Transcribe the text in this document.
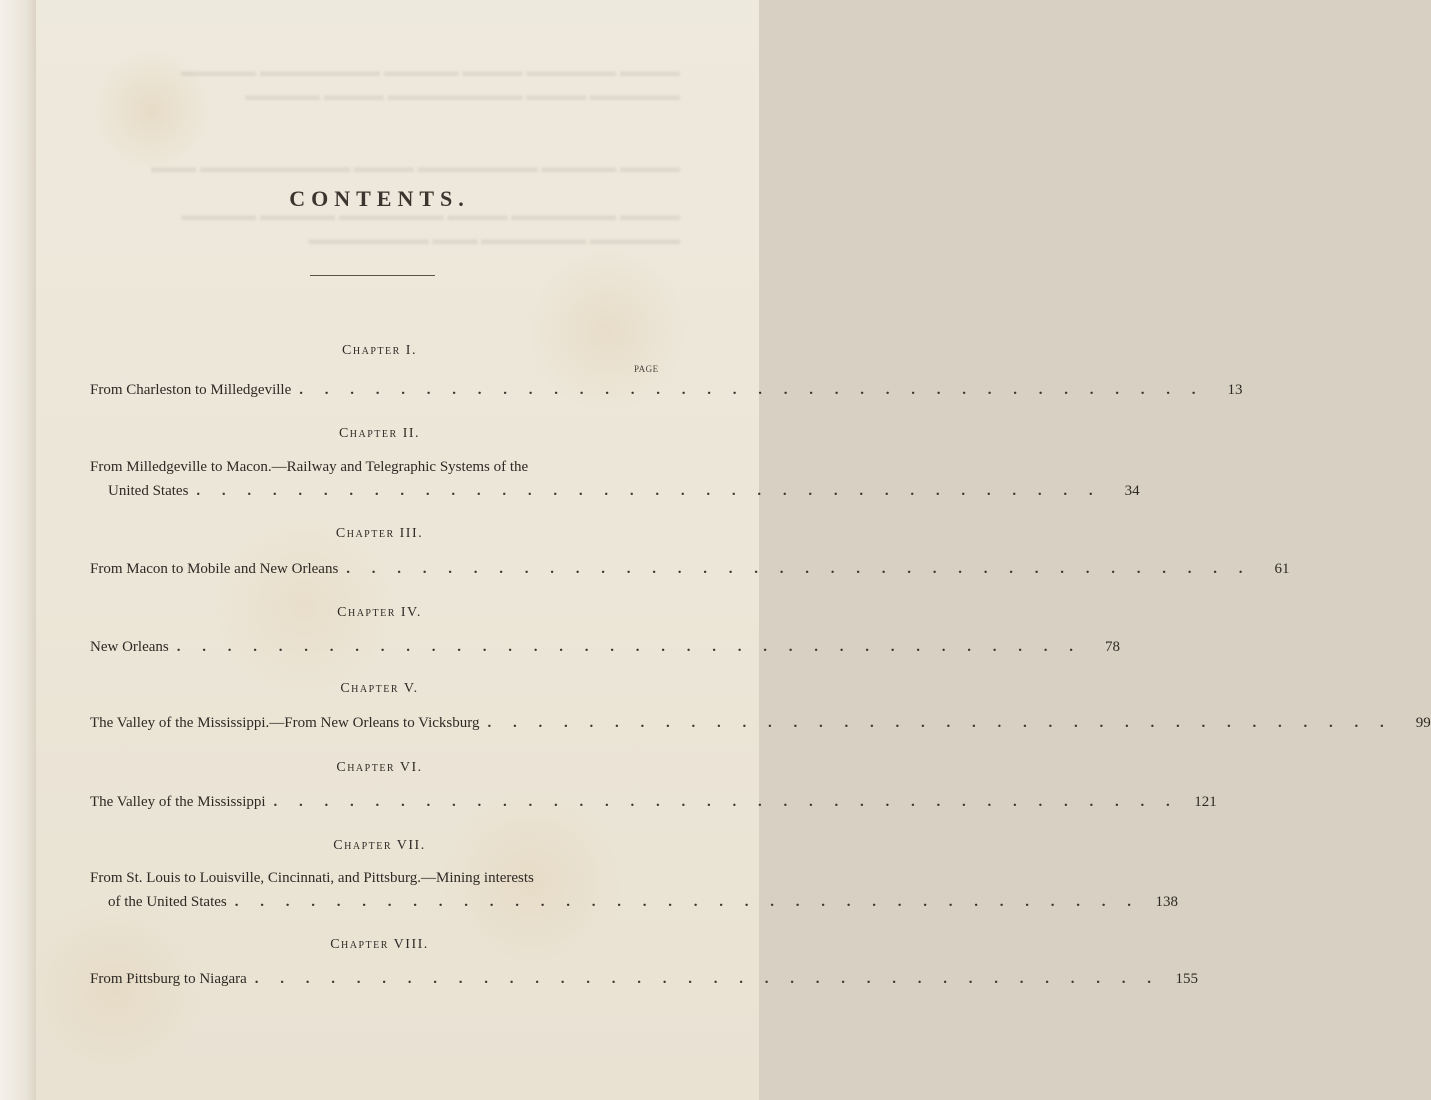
▬▬▬▬ ▬▬▬▬▬▬ ▬▬▬▬ ▬▬▬▬▬ ▬▬▬▬▬▬▬▬ ▬▬▬▬▬
▬▬▬▬▬▬ ▬▬▬▬ ▬▬▬▬▬▬▬▬▬ ▬▬▬▬ ▬▬▬▬▬

▬▬▬▬ ▬▬▬▬▬ ▬▬▬▬▬▬▬▬ ▬▬▬▬ ▬▬▬▬▬▬▬▬▬▬ ▬▬▬

▬▬▬▬ ▬▬▬▬▬▬▬ ▬▬▬▬ ▬▬▬▬▬▬▬ ▬▬▬▬▬ ▬▬▬▬▬
▬▬▬▬▬▬ ▬▬▬▬▬▬▬ ▬▬▬ ▬▬▬▬▬▬▬▬
CONTENTS.
PAGE
Chapter I.
From Charleston to Milledgeville . . . . . . . . . . . . . . . . . . . . . . . . . . . . . . . . . . . .	13
Chapter II.
From Milledgeville to Macon.—Railway and Telegraphic Systems of the
United States . . . . . . . . . . . . . . . . . . . . . . . . . . . . . . . . . . . .	34
Chapter III.
From Macon to Mobile and New Orleans . . . . . . . . . . . . . . . . . . . . . . . . . . . . . . . . . . . .	61
Chapter IV.
New Orleans . . . . . . . . . . . . . . . . . . . . . . . . . . . . . . . . . . . .	78
Chapter V.
The Valley of the Mississippi.—From New Orleans to Vicksburg . . . . . . . . . . . . . . . . . . . . . . . . . . . . . . . . . . . .	99
Chapter VI.
The Valley of the Mississippi . . . . . . . . . . . . . . . . . . . . . . . . . . . . . . . . . . . .	121
Chapter VII.
From St. Louis to Louisville, Cincinnati, and Pittsburg.—Mining interests
of the United States . . . . . . . . . . . . . . . . . . . . . . . . . . . . . . . . . . . .	138
Chapter VIII.
From Pittsburg to Niagara . . . . . . . . . . . . . . . . . . . . . . . . . . . . . . . . . . . .	155
